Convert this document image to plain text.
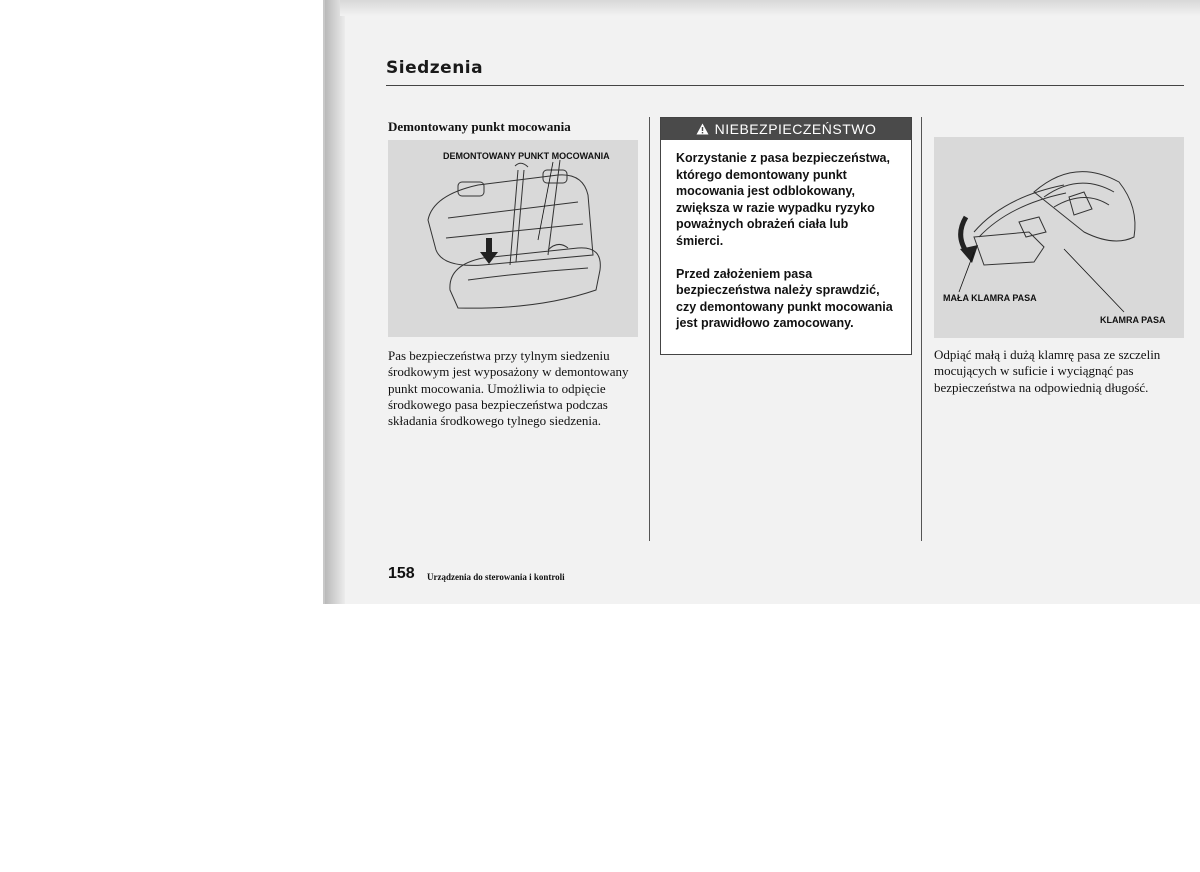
Siedzenia
Demontowany punkt mocowania
DEMONTOWANY PUNKT MOCOWANIA

Pas bezpieczeństwa przy tylnym siedzeniu środkowym jest wyposażony w demontowany punkt mocowania. Umożliwia to odpięcie środkowego pasa bezpieczeństwa podczas składania środkowego tylnego siedzenia.

NIEBEZPIECZEŃSTWO

Korzystanie z pasa bezpieczeństwa, którego demontowany punkt mocowania jest odblokowany, zwiększa w razie wypadku ryzyko poważnych obrażeń ciała lub śmierci.

Przed założeniem pasa bezpieczeństwa należy sprawdzić, czy demontowany punkt mocowania jest prawidłowo zamocowany.

MAŁA KLAMRA PASA
KLAMRA PASA

Odpiąć małą i dużą klamrę pasa ze szczelin mocujących w suficie i wyciągnąć pas bezpieczeństwa na odpowiednią długość.

158 Urządzenia do sterowania i kontroli
